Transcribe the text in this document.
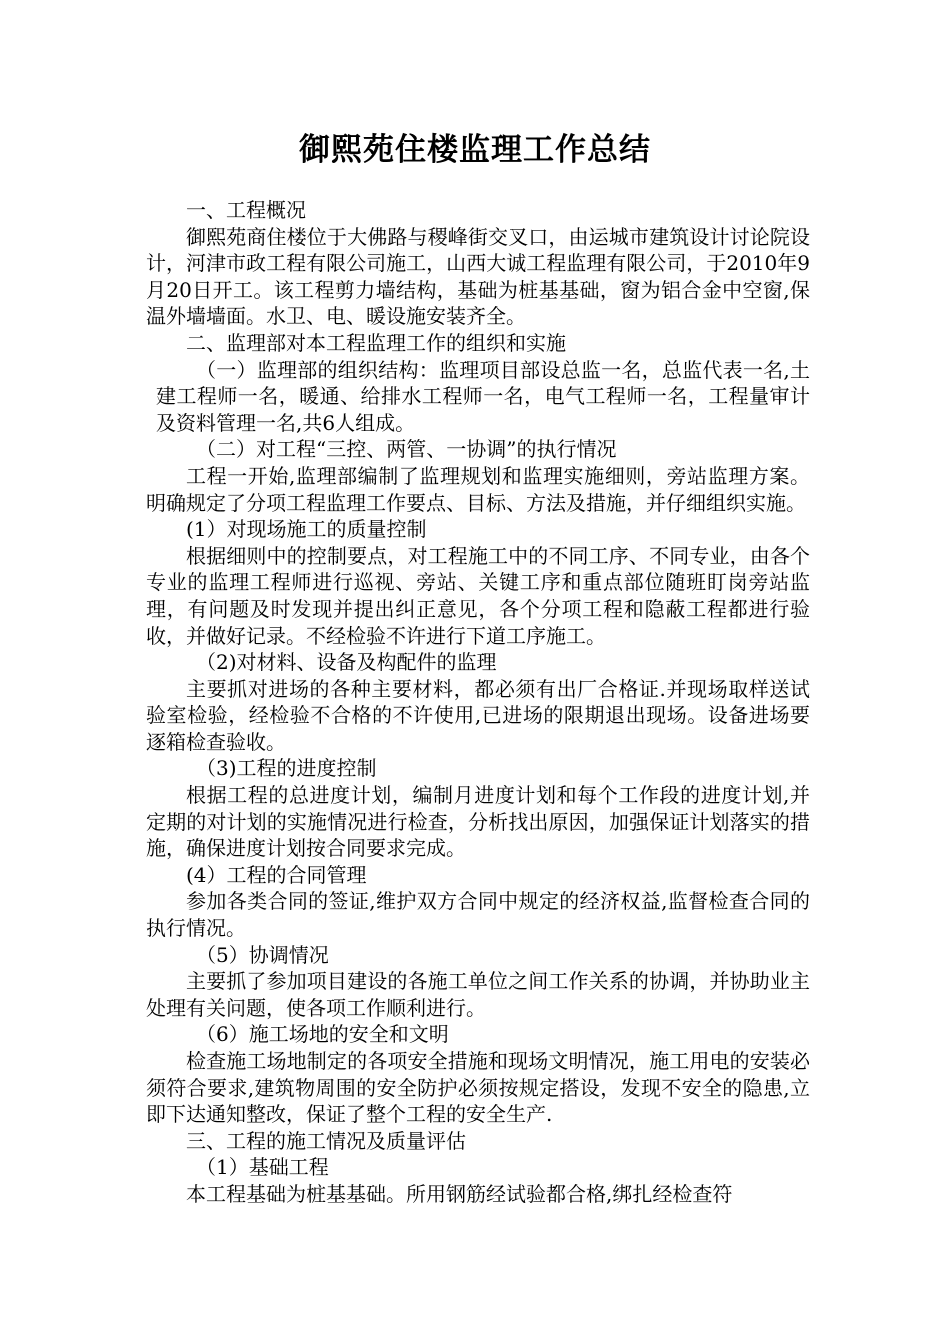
御熙苑住楼监理工作总结

一、工程概况

御熙苑商住楼位于大佛路与稷峰街交叉口，由运城市建筑设计讨论院设计，河津市政工程有限公司施工，山西大诚工程监理有限公司，于2010年9月20日开工。该工程剪力墙结构，基础为桩基基础，窗为铝合金中空窗,保温外墙墙面。水卫、电、暖设施安装齐全。

二、监理部对本工程监理工作的组织和实施

（一）监理部的组织结构：监理项目部设总监一名，总监代表一名,土建工程师一名，暖通、给排水工程师一名，电气工程师一名，工程量审计及资料管理一名,共6人组成。

（二）对工程“三控、两管、一协调”的执行情况

工程一开始,监理部编制了监理规划和监理实施细则，旁站监理方案。明确规定了分项工程监理工作要点、目标、方法及措施，并仔细组织实施。

(1）对现场施工的质量控制

根据细则中的控制要点，对工程施工中的不同工序、不同专业，由各个专业的监理工程师进行巡视、旁站、关键工序和重点部位随班盯岗旁站监理，有问题及时发现并提出纠正意见，各个分项工程和隐蔽工程都进行验收，并做好记录。不经检验不许进行下道工序施工。

（2)对材料、设备及构配件的监理

主要抓对进场的各种主要材料，都必须有出厂合格证.并现场取样送试验室检验，经检验不合格的不许使用,已进场的限期退出现场。设备进场要逐箱检查验收。

（3)工程的进度控制

根据工程的总进度计划，编制月进度计划和每个工作段的进度计划,并定期的对计划的实施情况进行检查，分析找出原因，加强保证计划落实的措施，确保进度计划按合同要求完成。

(4）工程的合同管理

参加各类合同的签证,维护双方合同中规定的经济权益,监督检查合同的执行情况。

（5）协调情况

主要抓了参加项目建设的各施工单位之间工作关系的协调，并协助业主处理有关问题，使各项工作顺利进行。

（6）施工场地的安全和文明

检查施工场地制定的各项安全措施和现场文明情况，施工用电的安装必须符合要求,建筑物周围的安全防护必须按规定搭设，发现不安全的隐患,立即下达通知整改，保证了整个工程的安全生产.

三、工程的施工情况及质量评估

（1）基础工程

本工程基础为桩基基础。所用钢筋经试验都合格,绑扎经检查符
